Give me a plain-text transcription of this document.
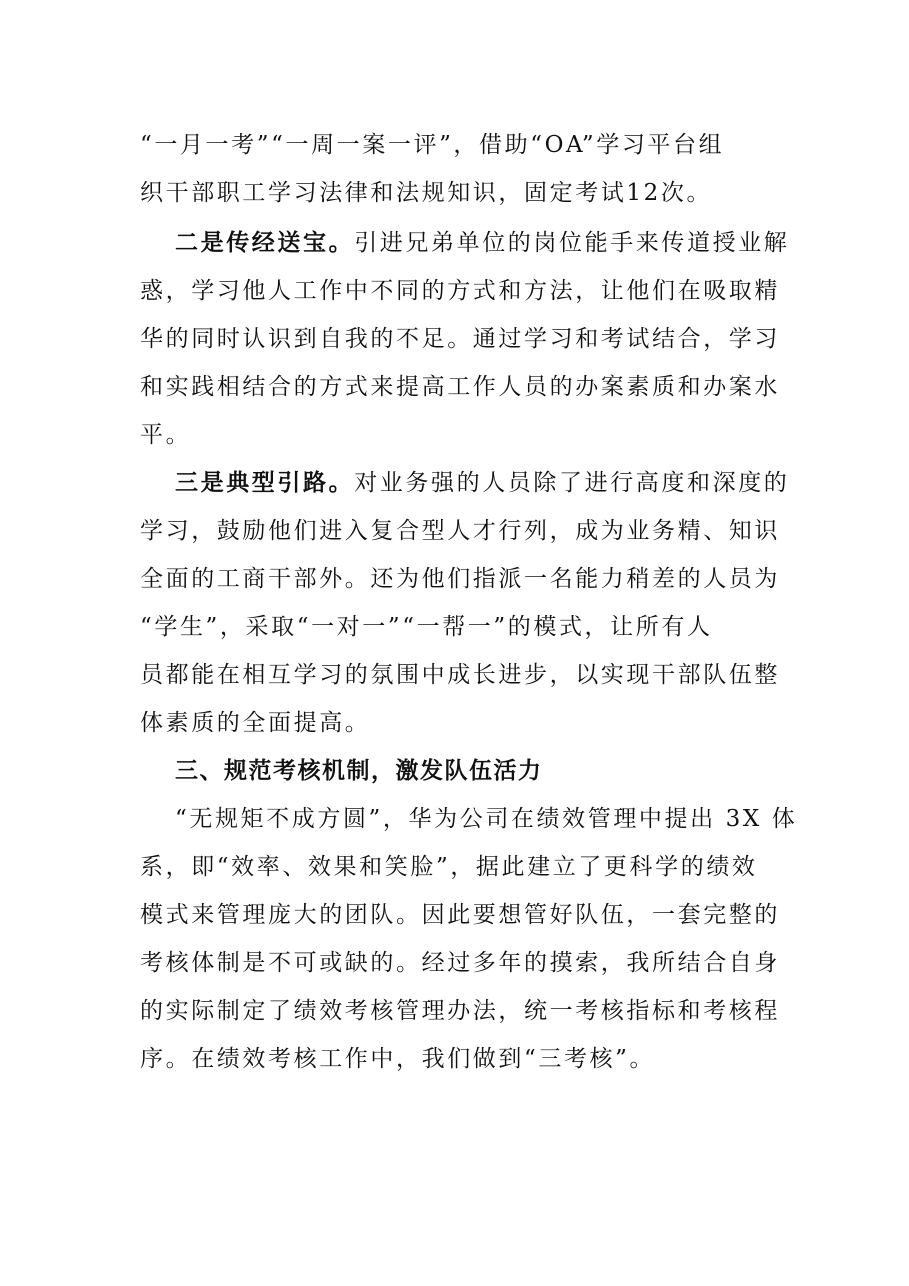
“一月一考”“一周一案一评”，借助“OA”学习平台组
织干部职工学习法律和法规知识，固定考试12次。
二是传经送宝。引进兄弟单位的岗位能手来传道授业解
惑，学习他人工作中不同的方式和方法，让他们在吸取精
华的同时认识到自我的不足。通过学习和考试结合，学习
和实践相结合的方式来提高工作人员的办案素质和办案水
平。
三是典型引路。对业务强的人员除了进行高度和深度的
学习，鼓励他们进入复合型人才行列，成为业务精、知识
全面的工商干部外。还为他们指派一名能力稍差的人员为
“学生”，采取“一对一”“一帮一”的模式，让所有人
员都能在相互学习的氛围中成长进步，以实现干部队伍整
体素质的全面提高。
三、规范考核机制，激发队伍活力
“无规矩不成方圆”，华为公司在绩效管理中提出 3X 体
系，即“效率、效果和笑脸”，据此建立了更科学的绩效
模式来管理庞大的团队。因此要想管好队伍，一套完整的
考核体制是不可或缺的。经过多年的摸索，我所结合自身
的实际制定了绩效考核管理办法，统一考核指标和考核程
序。在绩效考核工作中，我们做到“三考核”。
